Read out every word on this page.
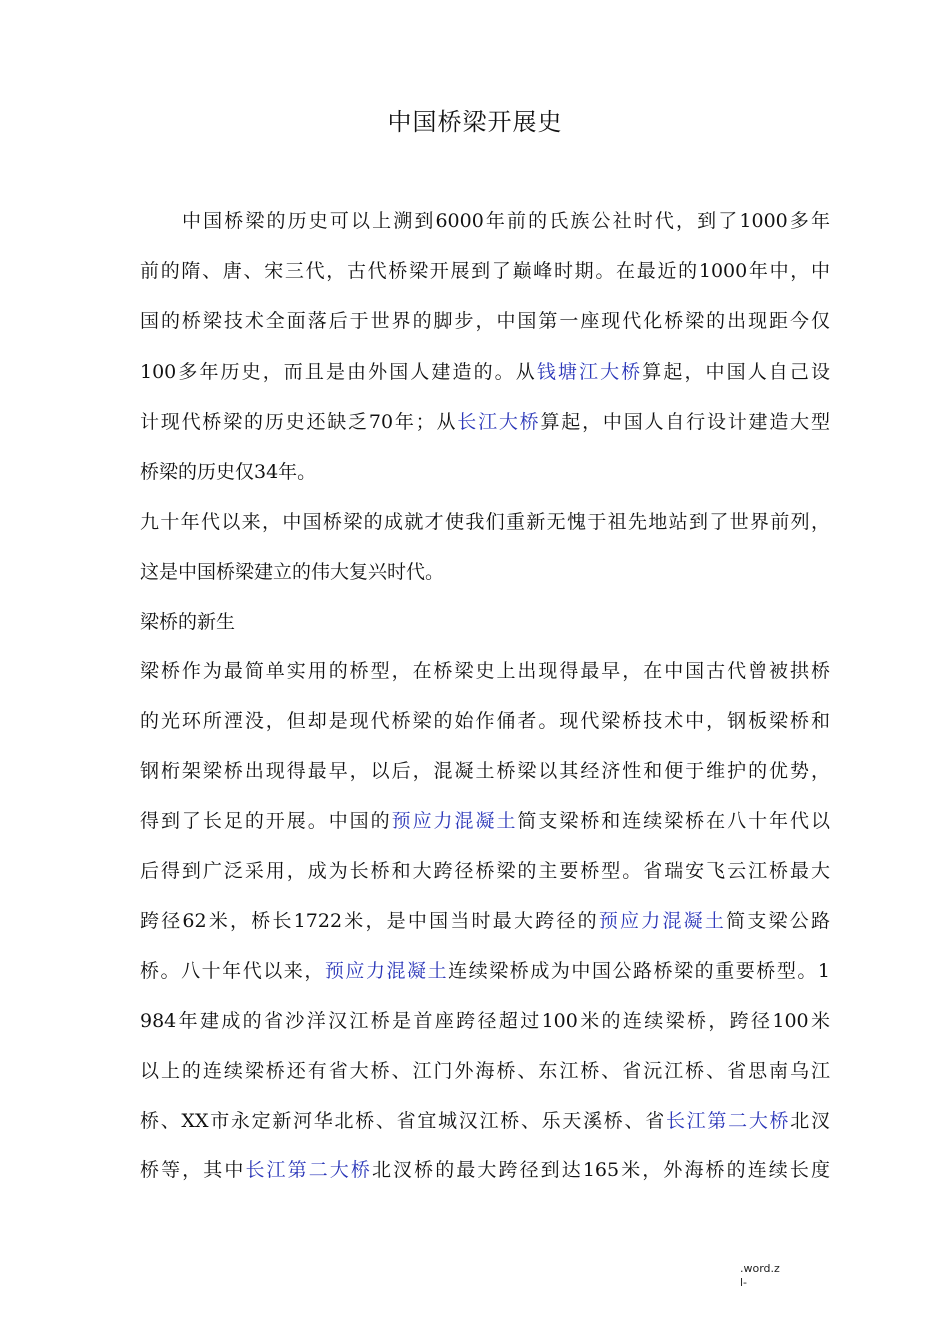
中国桥梁开展史
中国桥梁的历史可以上溯到6000年前的氏族公社时代，到了1000多年
前的隋、唐、宋三代，古代桥梁开展到了巅峰时期。在最近的1000年中，中
国的桥梁技术全面落后于世界的脚步，中国第一座现代化桥梁的出现距今仅
100多年历史，而且是由外国人建造的。从钱塘江大桥算起，中国人自己设
计现代桥梁的历史还缺乏70年；从长江大桥算起，中国人自行设计建造大型
桥梁的历史仅34年。
九十年代以来，中国桥梁的成就才使我们重新无愧于祖先地站到了世界前列，
这是中国桥梁建立的伟大复兴时代。
梁桥的新生
梁桥作为最简单实用的桥型，在桥梁史上出现得最早，在中国古代曾被拱桥
的光环所湮没，但却是现代桥梁的始作俑者。现代梁桥技术中，钢板梁桥和
钢桁架梁桥出现得最早，以后，混凝土桥梁以其经济性和便于维护的优势，
得到了长足的开展。中国的预应力混凝土简支梁桥和连续梁桥在八十年代以
后得到广泛采用，成为长桥和大跨径桥梁的主要桥型。省瑞安飞云江桥最大
跨径62米，桥长1722米，是中国当时最大跨径的预应力混凝土简支梁公路
桥。八十年代以来，预应力混凝土连续梁桥成为中国公路桥梁的重要桥型。1
984年建成的省沙洋汉江桥是首座跨径超过100米的连续梁桥，跨径100米
以上的连续梁桥还有省大桥、江门外海桥、东江桥、省沅江桥、省思南乌江
桥、XX市永定新河华北桥、省宜城汉江桥、乐天溪桥、省长江第二大桥北汊
桥等，其中长江第二大桥北汊桥的最大跨径到达165米，外海桥的连续长度
.word.z
l-
